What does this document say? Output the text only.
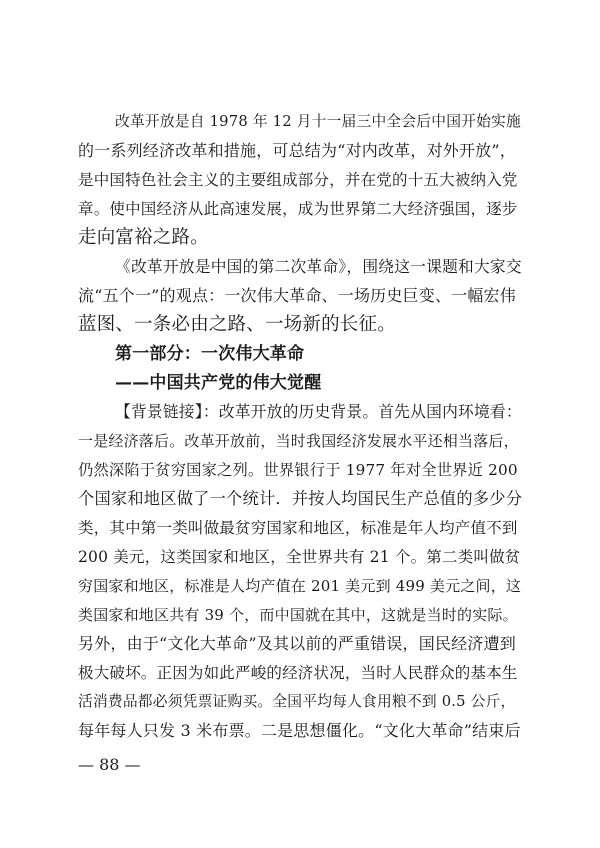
改革开放是自 1978 年 12 月十一届三中全会后中国开始实施
的一系列经济改革和措施，可总结为“对内改革，对外开放”，
是中国特色社会主义的主要组成部分，并在党的十五大被纳入党
章。使中国经济从此高速发展，成为世界第二大经济强国，逐步
走向富裕之路。
《改革开放是中国的第二次革命》，围绕这一课题和大家交
流“五个一”的观点：一次伟大革命、一场历史巨变、一幅宏伟
蓝图、一条必由之路、一场新的长征。
第一部分：一次伟大革命
——中国共产党的伟大觉醒
【背景链接】：改革开放的历史背景。首先从国内环境看：
一是经济落后。改革开放前，当时我国经济发展水平还相当落后，
仍然深陷于贫穷国家之列。世界银行于 1977 年对全世界近 200
个国家和地区做了一个统计．并按人均国民生产总值的多少分
类，其中第一类叫做最贫穷国家和地区，标准是年人均产值不到
200 美元，这类国家和地区，全世界共有 21 个。第二类叫做贫
穷国家和地区，标准是人均产值在 201 美元到 499 美元之间，这
类国家和地区共有 39 个，而中国就在其中，这就是当时的实际。
另外，由于“文化大革命”及其以前的严重错误，国民经济遭到
极大破坏。正因为如此严峻的经济状况，当时人民群众的基本生
活消费品都必须凭票证购买。全国平均每人食用粮不到 0.5 公斤，
每年每人只发 3 米布票。二是思想僵化。“文化大革命”结束后
— 88 —
